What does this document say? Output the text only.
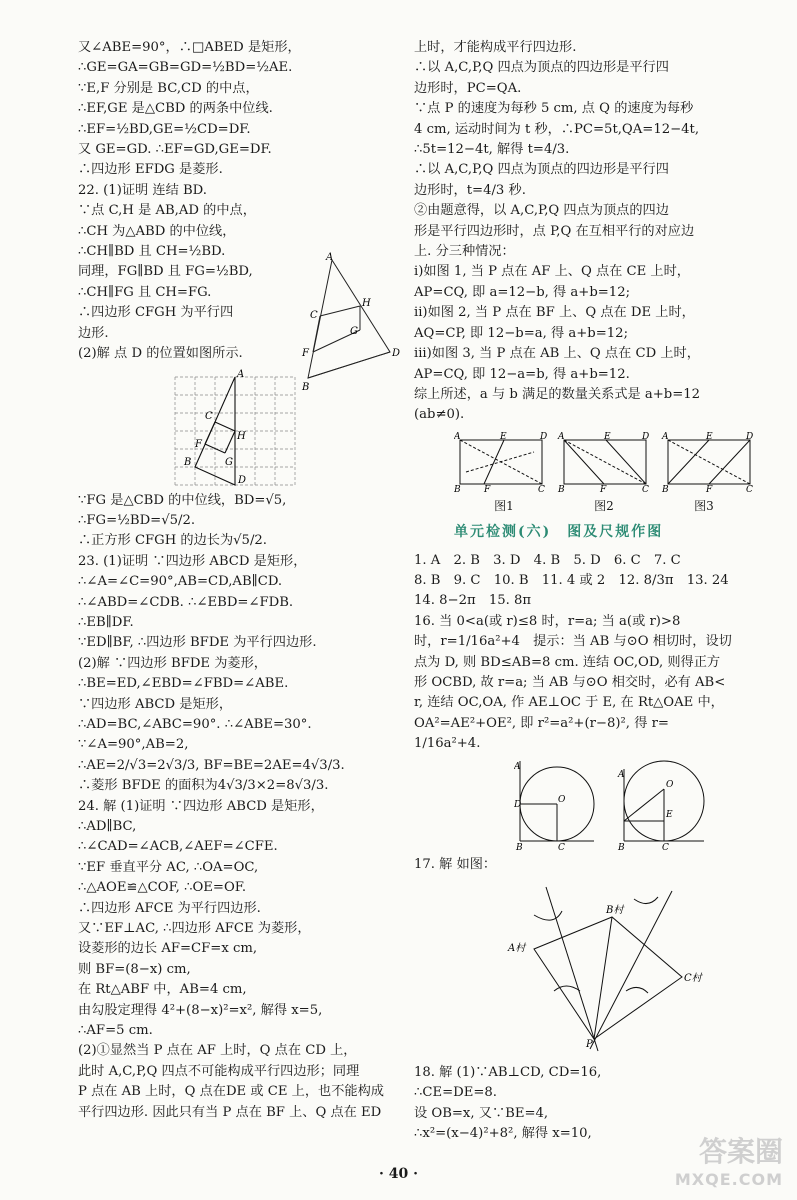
又∠ABE=90°，∴□ABED 是矩形，
∴GE=GA=GB=GD=½BD=½AE.
∵E,F 分别是 BC,CD 的中点，
∴EF,GE 是△CBD 的两条中位线.
∴EF=½BD,GE=½CD=DF.
又 GE=GD. ∴EF=GD,GE=DF.
∴四边形 EFDG 是菱形.
22. (1)证明 连结 BD.
∵点 C,H 是 AB,AD 的中点，
∴CH 为△ABD 的中位线，
∴CH∥BD 且 CH=½BD.
同理，FG∥BD 且 FG=½BD,
∴CH∥FG 且 CH=FG.
∴四边形 CFGH 为平行四
边形.
(2)解 点 D 的位置如图所示.
A
C
H
G
F	D
B
A
C
H
F
G
B
D
∵FG 是△CBD 的中位线，BD=√5,
∴FG=½BD=√5/2.
∴正方形 CFGH 的边长为√5/2.
23. (1)证明 ∵四边形 ABCD 是矩形，
∴∠A=∠C=90°,AB=CD,AB∥CD.
∴∠ABD=∠CDB. ∴∠EBD=∠FDB.
∴EB∥DF.
∵ED∥BF, ∴四边形 BFDE 为平行四边形.
(2)解 ∵四边形 BFDE 为菱形，
∴BE=ED,∠EBD=∠FBD=∠ABE.
∵四边形 ABCD 是矩形，
∴AD=BC,∠ABC=90°. ∴∠ABE=30°.
∵∠A=90°,AB=2,
∴AE=2/√3=2√3/3, BF=BE=2AE=4√3/3.
∴菱形 BFDE 的面积为4√3/3×2=8√3/3.
24. 解 (1)证明 ∵四边形 ABCD 是矩形，
∴AD∥BC,
∴∠CAD=∠ACB,∠AEF=∠CFE.
∵EF 垂直平分 AC, ∴OA=OC,
∴△AOE≌△COF, ∴OE=OF.
∴四边形 AFCE 为平行四边形.
又∵EF⊥AC, ∴四边形 AFCE 为菱形，
设菱形的边长 AF=CF=x cm,
则 BF=(8−x) cm,
在 Rt△ABF 中，AB=4 cm,
由勾股定理得 4²+(8−x)²=x², 解得 x=5,
∴AF=5 cm.
(2)①显然当 P 点在 AF 上时，Q 点在 CD 上，
此时 A,C,P,Q 四点不可能构成平行四边形；同理
P 点在 AB 上时，Q 点在DE 或 CE 上，也不能构成
平行四边形. 因此只有当 P 点在 BF 上、Q 点在 ED
上时，才能构成平行四边形.
∴以 A,C,P,Q 四点为顶点的四边形是平行四
边形时，PC=QA.
∵点 P 的速度为每秒 5 cm, 点 Q 的速度为每秒
4 cm, 运动时间为 t 秒，∴PC=5t,QA=12−4t,
∴5t=12−4t, 解得 t=4/3.
∴以 A,C,P,Q 四点为顶点的四边形是平行四
边形时，t=4/3 秒.
②由题意得，以 A,C,P,Q 四点为顶点的四边
形是平行四边形时，点 P,Q 在互相平行的对应边
上. 分三种情况：
i)如图 1, 当 P 点在 AF 上、Q 点在 CE 上时，
AP=CQ, 即 a=12−b, 得 a+b=12;
ii)如图 2, 当 P 点在 BF 上、Q 点在 DE 上时，
AQ=CP, 即 12−b=a, 得 a+b=12;
iii)如图 3, 当 P 点在 AB 上、Q 点在 CD 上时，
AP=CQ, 即 12−a=b, 得 a+b=12.
综上所述，a 与 b 满足的数量关系式是 a+b=12
(ab≠0).
A	E	D
B	F	C
A	E	D
B	F	C
A	E	D
B	F	C
图1	图2	图3
单元检测(六)　图及尺规作图
1. A　2. B　3. D　4. B　5. D　6. C　7. C
8. B　9. C　10. B　11. 4 或 2　12. 8/3π　13. 24
14. 8−2π　15. 8π
16. 当 0<a(或 r)≤8 时，r=a; 当 a(或 r)>8
时，r=1/16a²+4　提示：当 AB 与⊙O 相切时，设切
点为 D, 则 BD≤AB=8 cm. 连结 OC,OD, 则得正方
形 OCBD, 故 r=a; 当 AB 与⊙O 相交时，必有 AB<
r, 连结 OC,OA, 作 AE⊥OC 于 E, 在 Rt△OAE 中，
OA²=AE²+OE², 即 r²=a²+(r−8)², 得 r=
1/16a²+4.
A
D	O
B	C
A
O
E
B	C
17. 解 如图：
A村
B村
C村
P
18. 解 (1)∵AB⊥CD, CD=16,
∴CE=DE=8.
设 OB=x, 又∵BE=4,
∴x²=(x−4)²+8², 解得 x=10,
· 40 ·
答案圈
MXQE.COM
